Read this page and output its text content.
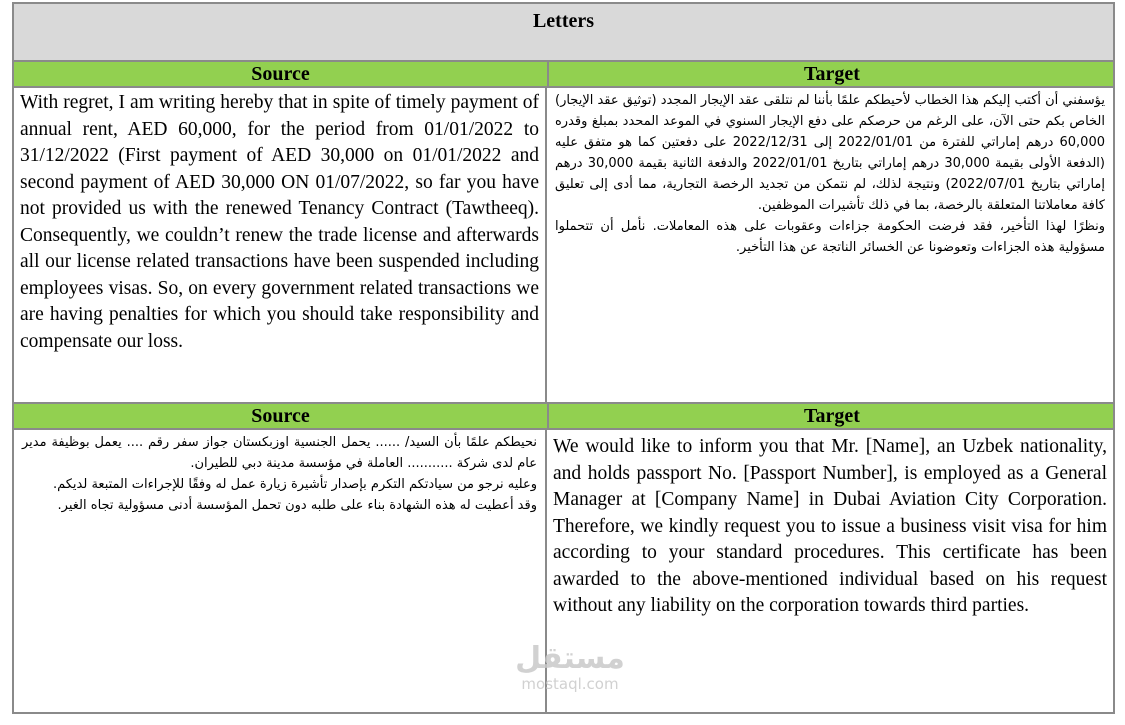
Letters
Source	Target
With regret, I am writing hereby that in spite of timely payment of annual rent, AED 60,000, for the period from 01/01/2022 to 31/12/2022 (First payment of AED 30,000 on 01/01/2022 and second payment of AED 30,000 ON 01/07/2022, so far you have not provided us with the renewed Tenancy Contract (Tawtheeq). Consequently, we couldn’t renew the trade license and afterwards all our license related transactions have been suspended including employees visas. So, on every government related transactions we are having penalties for which you should take responsibility and compensate our loss.
يؤسفني أن أكتب إليكم هذا الخطاب لأحيطكم علمًا بأننا لم نتلقى عقد الإيجار المجدد (توثيق عقد الإيجار) الخاص بكم حتى الآن، على الرغم من حرصكم على دفع الإيجار السنوي في الموعد المحدد بمبلغ وقدره 60,000 درهم إماراتي للفترة من 2022/01/01 إلى 2022/12/31 على دفعتين كما هو متفق عليه (الدفعة الأولى بقيمة 30,000 درهم إماراتي بتاريخ 2022/01/01 والدفعة الثانية بقيمة 30,000 درهم إماراتي بتاريخ 2022/07/01) ونتيجة لذلك، لم نتمكن من تجديد الرخصة التجارية، مما أدى إلى تعليق كافة معاملاتنا المتعلقة بالرخصة، بما في ذلك تأشيرات الموظفين.
ونظرًا لهذا التأخير، فقد فرضت الحكومة جزاءات وعقوبات على هذه المعاملات. نأمل أن تتحملوا مسؤولية هذه الجزاءات وتعوضونا عن الخسائر الناتجة عن هذا التأخير.
Source	Target
نحيطكم علمًا بأن السيد/ ...... يحمل الجنسية اوزبكستان جواز سفر رقم .... يعمل بوظيفة مدير عام لدى شركة ........... العاملة في مؤسسة مدينة دبي للطيران.
وعليه نرجو من سيادتكم التكرم بإصدار تأشيرة زيارة عمل له وفقًا للإجراءات المتبعة لديكم.
وقد أعطيت له هذه الشهادة بناء على طلبه دون تحمل المؤسسة أدنى مسؤولية تجاه الغير.
We would like to inform you that Mr. [Name], an Uzbek nationality, and holds passport No. [Passport Number], is employed as a General Manager at [Company Name] in Dubai Aviation City Corporation. Therefore, we kindly request you to issue a business visit visa for him according to your standard procedures. This certificate has been awarded to the above-mentioned individual based on his request without any liability on the corporation towards third parties.
مستقل
mostaql.com
